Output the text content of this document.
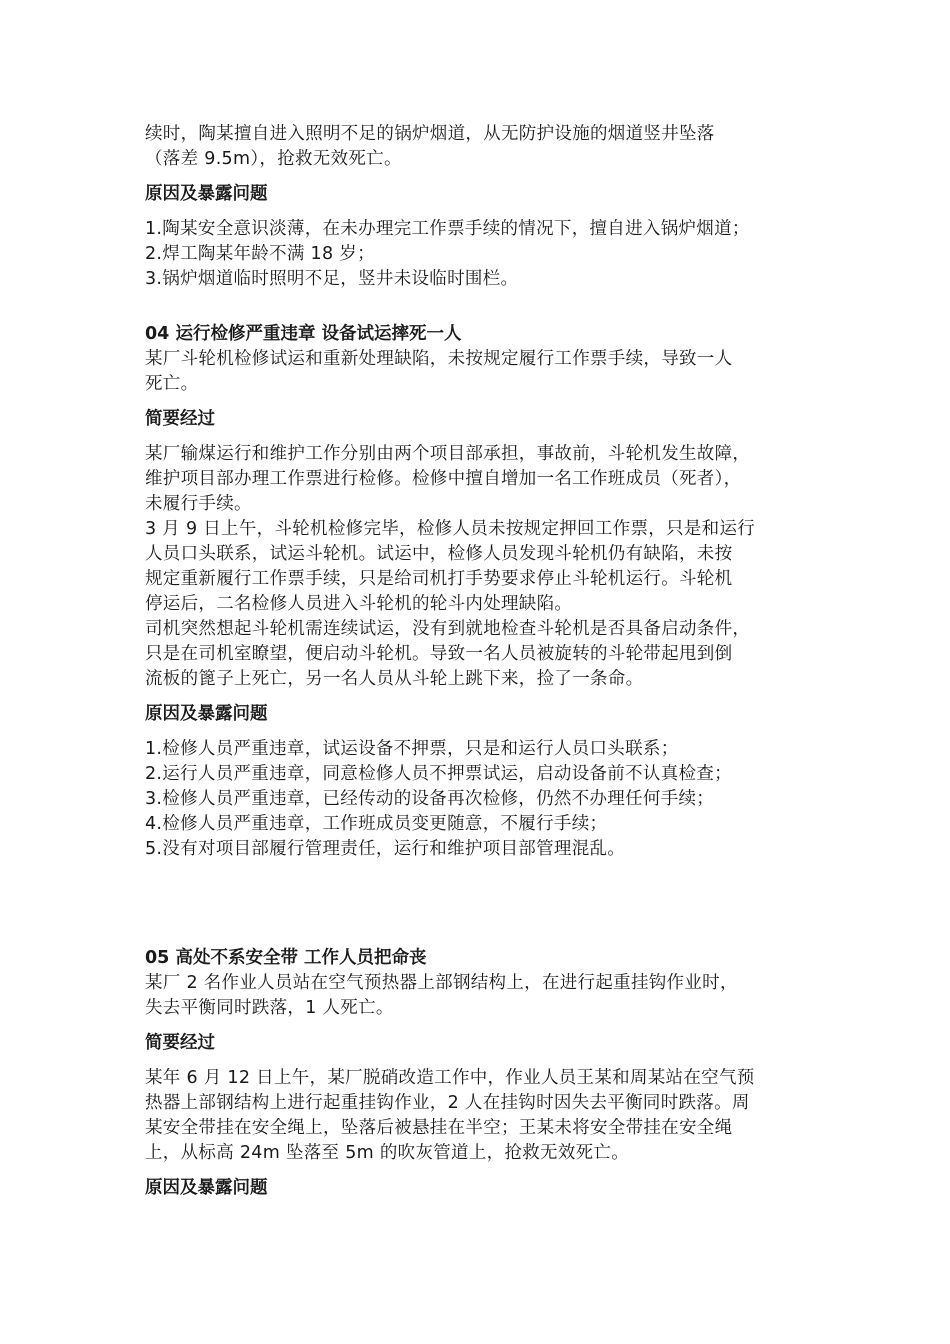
续时，陶某擅自进入照明不足的锅炉烟道，从无防护设施的烟道竖井坠落

（落差 9.5m），抢救无效死亡。

原因及暴露问题

1.陶某安全意识淡薄，在未办理完工作票手续的情况下，擅自进入锅炉烟道；

2.焊工陶某年龄不满 18 岁；

3.锅炉烟道临时照明不足，竖井未设临时围栏。

04 运行检修严重违章 设备试运摔死一人

某厂斗轮机检修试运和重新处理缺陷，未按规定履行工作票手续，导致一人

死亡。

简要经过

某厂输煤运行和维护工作分别由两个项目部承担，事故前，斗轮机发生故障，

维护项目部办理工作票进行检修。检修中擅自增加一名工作班成员（死者），

未履行手续。

3 月 9 日上午，斗轮机检修完毕，检修人员未按规定押回工作票，只是和运行

人员口头联系，试运斗轮机。试运中，检修人员发现斗轮机仍有缺陷，未按

规定重新履行工作票手续，只是给司机打手势要求停止斗轮机运行。斗轮机

停运后，二名检修人员进入斗轮机的轮斗内处理缺陷。

司机突然想起斗轮机需连续试运，没有到就地检查斗轮机是否具备启动条件，

只是在司机室瞭望，便启动斗轮机。导致一名人员被旋转的斗轮带起甩到倒

流板的篦子上死亡，另一名人员从斗轮上跳下来，捡了一条命。

原因及暴露问题

1.检修人员严重违章，试运设备不押票，只是和运行人员口头联系；

2.运行人员严重违章，同意检修人员不押票试运，启动设备前不认真检查；

3.检修人员严重违章，已经传动的设备再次检修，仍然不办理任何手续；

4.检修人员严重违章，工作班成员变更随意，不履行手续；

5.没有对项目部履行管理责任，运行和维护项目部管理混乱。

05 高处不系安全带 工作人员把命丧

某厂 2 名作业人员站在空气预热器上部钢结构上，在进行起重挂钩作业时，

失去平衡同时跌落，1 人死亡。

简要经过

某年 6 月 12 日上午，某厂脱硝改造工作中，作业人员王某和周某站在空气预

热器上部钢结构上进行起重挂钩作业，2 人在挂钩时因失去平衡同时跌落。周

某安全带挂在安全绳上，坠落后被悬挂在半空；王某未将安全带挂在安全绳

上，从标高 24m 坠落至 5m 的吹灰管道上，抢救无效死亡。

原因及暴露问题
